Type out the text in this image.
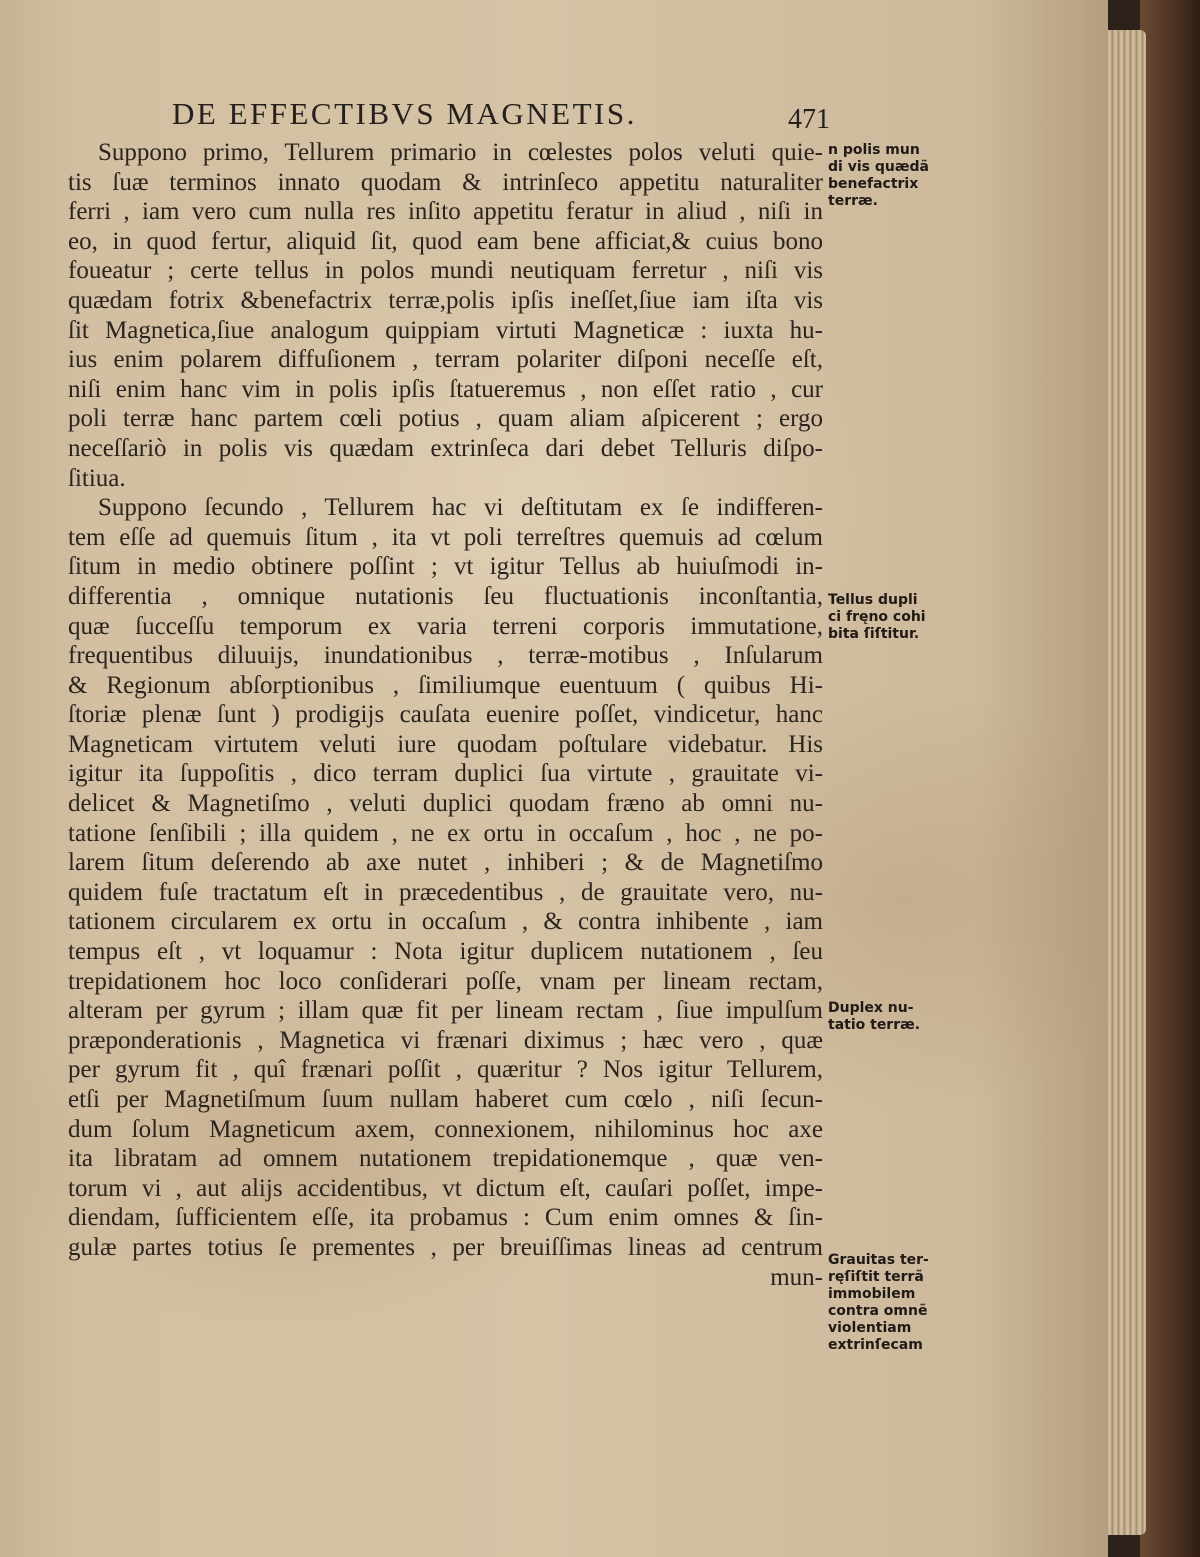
DE EFFECTIBVS MAGNETIS.	471
Suppono primo, Tellurem primario in cœlestes polos veluti quie-
tis ſuæ terminos innato quodam & intrinſeco appetitu naturaliter
ferri , iam vero cum nulla res inſito appetitu feratur in aliud , niſi in
eo, in quod fertur, aliquid ſit, quod eam bene afficiat,& cuius bono
foueatur ; certe tellus in polos mundi neutiquam ferretur , niſi vis
quædam fotrix &benefactrix terræ,polis ipſis ineſſet,ſiue iam iſta vis
ſit Magnetica,ſiue analogum quippiam virtuti Magneticæ : iuxta hu-
ius enim polarem diffuſionem , terram polariter diſponi neceſſe eſt,
niſi enim hanc vim in polis ipſis ſtatueremus , non eſſet ratio , cur
poli terræ hanc partem cœli potius , quam aliam aſpicerent ; ergo
neceſſariò in polis vis quædam extrinſeca dari debet Telluris diſpo-
ſitiua.
Suppono ſecundo , Tellurem hac vi deſtitutam ex ſe indifferen-
tem eſſe ad quemuis ſitum , ita vt poli terreſtres quemuis ad cœlum
ſitum in medio obtinere poſſint ; vt igitur Tellus ab huiuſmodi in-
differentia , omnique nutationis ſeu fluctuationis inconſtantia,
quæ ſucceſſu temporum ex varia terreni corporis immutatione,
frequentibus diluuijs, inundationibus , terræ-motibus , Inſularum
& Regionum abſorptionibus , ſimiliumque euentuum ( quibus Hi-
ſtoriæ plenæ ſunt ) prodigijs cauſata euenire poſſet, vindicetur, hanc
Magneticam virtutem veluti iure quodam poſtulare videbatur. His
igitur ita ſuppoſitis , dico terram duplici ſua virtute , grauitate vi-
delicet & Magnetiſmo , veluti duplici quodam fræno ab omni nu-
tatione ſenſibili ; illa quidem , ne ex ortu in occaſum , hoc , ne po-
larem ſitum deſerendo ab axe nutet , inhiberi ; & de Magnetiſmo
quidem fuſe tractatum eſt in præcedentibus , de grauitate vero, nu-
tationem circularem ex ortu in occaſum , & contra inhibente , iam
tempus eſt , vt loquamur : Nota igitur duplicem nutationem , ſeu
trepidationem hoc loco conſiderari poſſe, vnam per lineam rectam,
alteram per gyrum ; illam quæ fit per lineam rectam , ſiue impulſum
præponderationis , Magnetica vi frænari diximus ; hæc vero , quæ
per gyrum fit , quî frænari poſſit , quæritur ? Nos igitur Tellurem,
etſi per Magnetiſmum ſuum nullam haberet cum cœlo , niſi ſecun-
dum ſolum Magneticum axem, connexionem, nihilominus hoc axe
ita libratam ad omnem nutationem trepidationemque , quæ ven-
torum vi , aut alijs accidentibus, vt dictum eſt, cauſari poſſet, impe-
diendam, ſufficientem eſſe, ita probamus : Cum enim omnes & ſin-
gulæ partes totius ſe prementes , per breuiſſimas lineas ad centrum
mun-
n polis mun
di vis quædã
benefactrix
terræ.
Tellus dupli
ci fręno cohi
bita ſiſtitur.
Duplex nu-
tatio terræ.
Grauitas ter-
ręſiſtit terrã
immobilem
contra omnẽ
violentiam
extrinſecam
